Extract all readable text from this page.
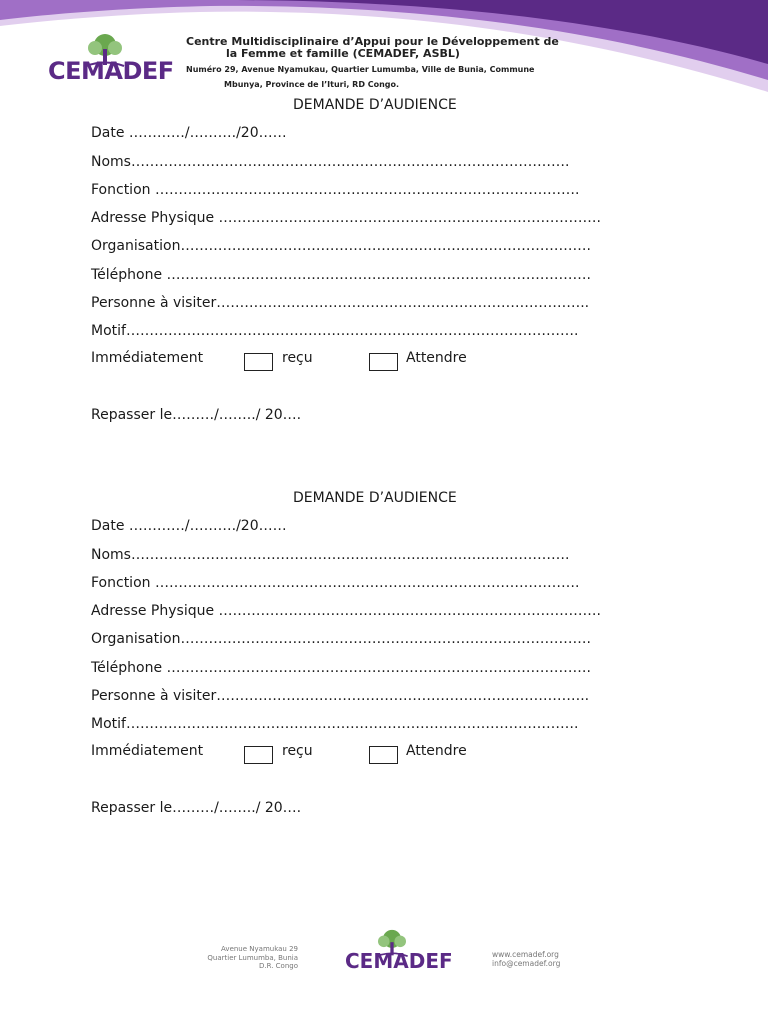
CEMADEF
Centre Multidisciplinaire d’Appui pour le Développement de
la Femme et famille (CEMADEF, ASBL)
Numéro 29, Avenue Nyamukau, Quartier Lumumba, Ville de Bunia, Commune
Mbunya, Province de l’Ituri, RD Congo.
DEMANDE D’AUDIENCE
Date …………/………./20……
Noms………………………………………………………………………………….
Fonction ……………………………………………………………………………….
Adresse Physique ……………………………………………………………………….
Organisation…………………………………………………………………………….
Téléphone ……………………………………………………………………………….
Personne à visiter……………………………………………………………………..
Motif…………………………………………………………………………………….
Immédiatement	reçu	Attendre
Repasser le………/……../ 20….
DEMANDE D’AUDIENCE
Date …………/………./20……
Noms………………………………………………………………………………….
Fonction ……………………………………………………………………………….
Adresse Physique ……………………………………………………………………….
Organisation…………………………………………………………………………….
Téléphone ……………………………………………………………………………….
Personne à visiter……………………………………………………………………..
Motif…………………………………………………………………………………….
Immédiatement	reçu	Attendre
Repasser le………/……../ 20….
Avenue Nyamukau 29
Quartier Lumumba, Bunia
D.R. Congo CEMADEF	www.cemadef.org
info@cemadef.org
